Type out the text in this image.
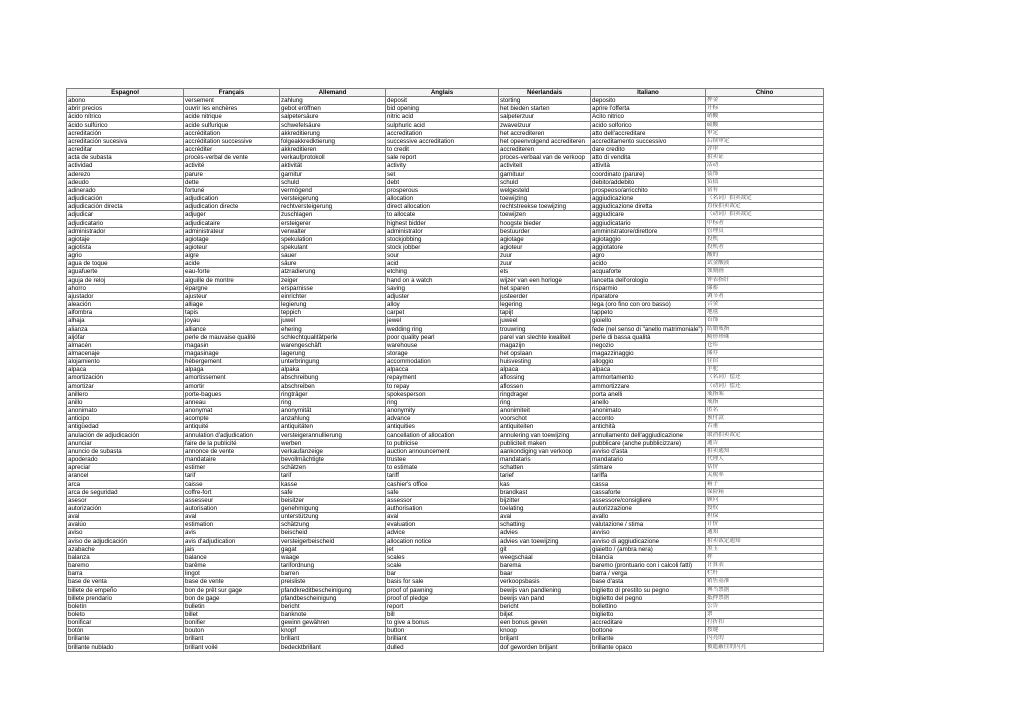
Espagnol	Français	Allemand	Anglais	Néerlandais	Italiano	Chino
abono	versement	zahlung	deposit	storting	deposito	押金
abrir precios	ouvrir les enchères	gebot eröffnen	bid opening	het bieden starten	aprire l'offerta	开标
ácido nítrico	acide nitrique	salpetersäure	nitric acid	salpeterzuur	Acito nitrico	硝酸
ácido sulfúrico	acide sulfurique	schwefelsäure	sulphuric acid	zwavelzuur	acido solforico	硫酸
acreditación	accréditation	akkreditierung	accreditation	het accrediteren	atto dell'accreditare	审定
acreditación sucesiva	accréditation successive	folgeakkredktierung	successive accreditation	het opeenvolgend accrediteren	accreditamento successivo	后续审定
acreditar	accréditer	akkreditieren	to credit	accrediteren	dare credito	评审
acta de subasta	procès-verbal de vente	verkaufprotokoll	sale report	proces-verbaal van de verkoop	atto di vendita	拍卖证
actividad	activité	aktivität	activity	activiteit	attività	活动
aderezo	parure	garnitur	set	garnituur	coordinato (parure)	装饰
adeudo	dette	schuld	debt	schuld	debito/addebito	负债
adinerado	fortuné	vermögend	prosperous	welgesteld	prospeoso/arricchito	富有
adjudicación	adjudication	versteigerung	allocation	toewijzing	aggiudicazione	（名词）拍卖裁定
adjudicación directa	adjudication directe	rechtversteigerung	direct allocation	rechtstreekse toewijzing	aggiudicazione diretta	直接拍卖裁定
adjudicar	adjuger	zuschlagen	to allocate	toewijzen	aggiudicare	（动词）拍卖裁定
adjudicatario	adjudicataire	ersteigerer	highest bidder	hoogste bieder	aggiudicatario	中标者
administrador	administrateur	verwalter	administrator	bestuurder	amministratore/direttore	管理员
agiotaje	agiotage	spekulation	stockjobbing	agiotage	agiotaggio	投机
agiotista	agioteur	spekulant	stock jobber	agioteur	aggiotatore	投机者
agrio	aigre	sauer	sour	zuur	agro	酸的
agua de toque	acide	säure	acid	zuur	acido	试金酸液
aguafuerte	eau-forte	atzradierung	etching	ets	acquaforte	蚀刻画
aguja de reloj	aiguille de montre	zeiger	hand on a watch	wijzer van een horloge	lancetta dell'orologio	钟表指针
ahorro	épargne	ersparnisse	saving	het sparen	risparmio	储蓄
ajustador	ajusteur	einrichter	adjuster	justeerder	riparatore	调节者
aleación	alliage	legierung	alloy	legering	lega (oro fino con oro basso)	合金
alfombra	tapis	teppich	carpet	tapijt	tappeto	地毯
alhaja	joyau	juwel	jewel	juweel	gioiello	首饰
alianza	alliance	ehering	wedding ring	trouwring	fede (nel senso di "anello matrimoniale")	结婚戒指
aljófar	perle de mauvaise qualité	schlechtqualitätperle	poor quality pearl	parel van slechte kwaliteit	perle di bassa qualità	畸形珍珠
almacén	magasin	warengeschäft	warehouse	magazijn	negozio	仓库
almacenaje	magasinage	lagerung	storage	het opslaan	magazzinaggio	储存
alojamiento	hébergement	unterbringung	accommodation	huisvesting	alloggio	住宿
alpaca	alpaga	alpaka	alpacca	alpaca	alpaca	羊驼
amortización	amortissement	abschreibung	repayment	aflossing	ammortamento	（名词）偿还
amortizar	amortir	abschreiben	to repay	aflossen	ammortizzare	（动词）偿还
anillero	porte-bagues	ringträger	spokesperson	ringdrager	porta anelli	戒指架
anillo	anneau	ring	ring	ring	anello	戒指
anonimato	anonymat	anonymität	anonymity	anonimiteit	anonimato	匿名
anticipo	acompte	anzahlung	advance	voorschot	acconto	预付款
antigüedad	antiquité	antiquitäten	antiquities	antiquiteiten	antichità	古董
anulación de adjudicación	annulation d'adjudication	versteigerannullierung	cancellation of allocation	annulering van toewijzing	annullamento dell'aggiudicazione	取消拍卖裁定
anunciar	faire de la publicité	werben	to publicise	publiciteit maken	pubblicare (anche pubblicizzare)	通告
anuncio de subasta	annonce de vente	verkaufanzeige	auction announcement	aankondiging van verkoop	avviso d'asta	拍卖通知
apoderado	mandataire	bevollmächtigte	trustee	mandataris	mandatario	代理人
apreciar	estimer	schätzen	to estimate	schatten	stimare	估价
arancel	tarif	tarif	tariff	tarief	tariffa	关税率
arca	caisse	kasse	cashier's office	kas	cassa	箱子
arca de seguridad	coffre-fort	safe	safe	brandkast	cassaforte	保险箱
asesor	assesseur	beisitzer	assessor	bijzitter	assessore/consigliere	顾问
autorización	autorisation	genehmigung	authorisation	toelating	autorizzazione	授权
aval	aval	unterstützung	aval	aval	avallo	担保
avalúo	estimation	schätzung	evaluation	schatting	valutazione / stima	计价
aviso	avis	beischeid	advice	advies	avviso	通知
aviso de adjudicación	avis d'adjudication	versteigerbeischeid	allocation notice	advies van toewijzing	avviso di aggiudicazione	拍卖裁定通知
azabache	jais	gagat	jet	git	giaietto / (ambra nera)	黑玉
balanza	balance	waage	scales	weegschaal	bilancia	秤
baremo	barême	tarifordnung	scale	barema	baremo (prontuario con i calcoli fatti)	计算表
barra	lingot	barren	bar	baar	barra / verga	栏杆
base de venta	base de vente	preisliste	basis for sale	verkoopsbasis	base d'asta	销售基准
billete de empeño	bon de prêt sur gage	pfandkreditbescheinigung	proof of pawning	bewijs van pandlening	biglietto di prestito su pegno	典当票据
billete prendario	bon de gage	pfandbescheinigung	proof of pledge	bewijs van pand	biglietto del pegno	抵押票据
boletín	bulletin	bericht	report	bericht	bollettino	公告
boleto	billet	banknote	bill	biljet	biglietto	票
bonificar	bonifier	gewinn gewähren	to give a bonus	een bonus geven	accreditare	打折扣
botón	bouton	knopf	button	knoop	bottone	按键
brillante	brillant	brillant	brilliant	briljant	brillante	闪亮的
brillante nublado	brillant voilé	bedecktbrillant	dulled	dof geworden briljant	brillante opaco	被遮蔽住的闪亮
